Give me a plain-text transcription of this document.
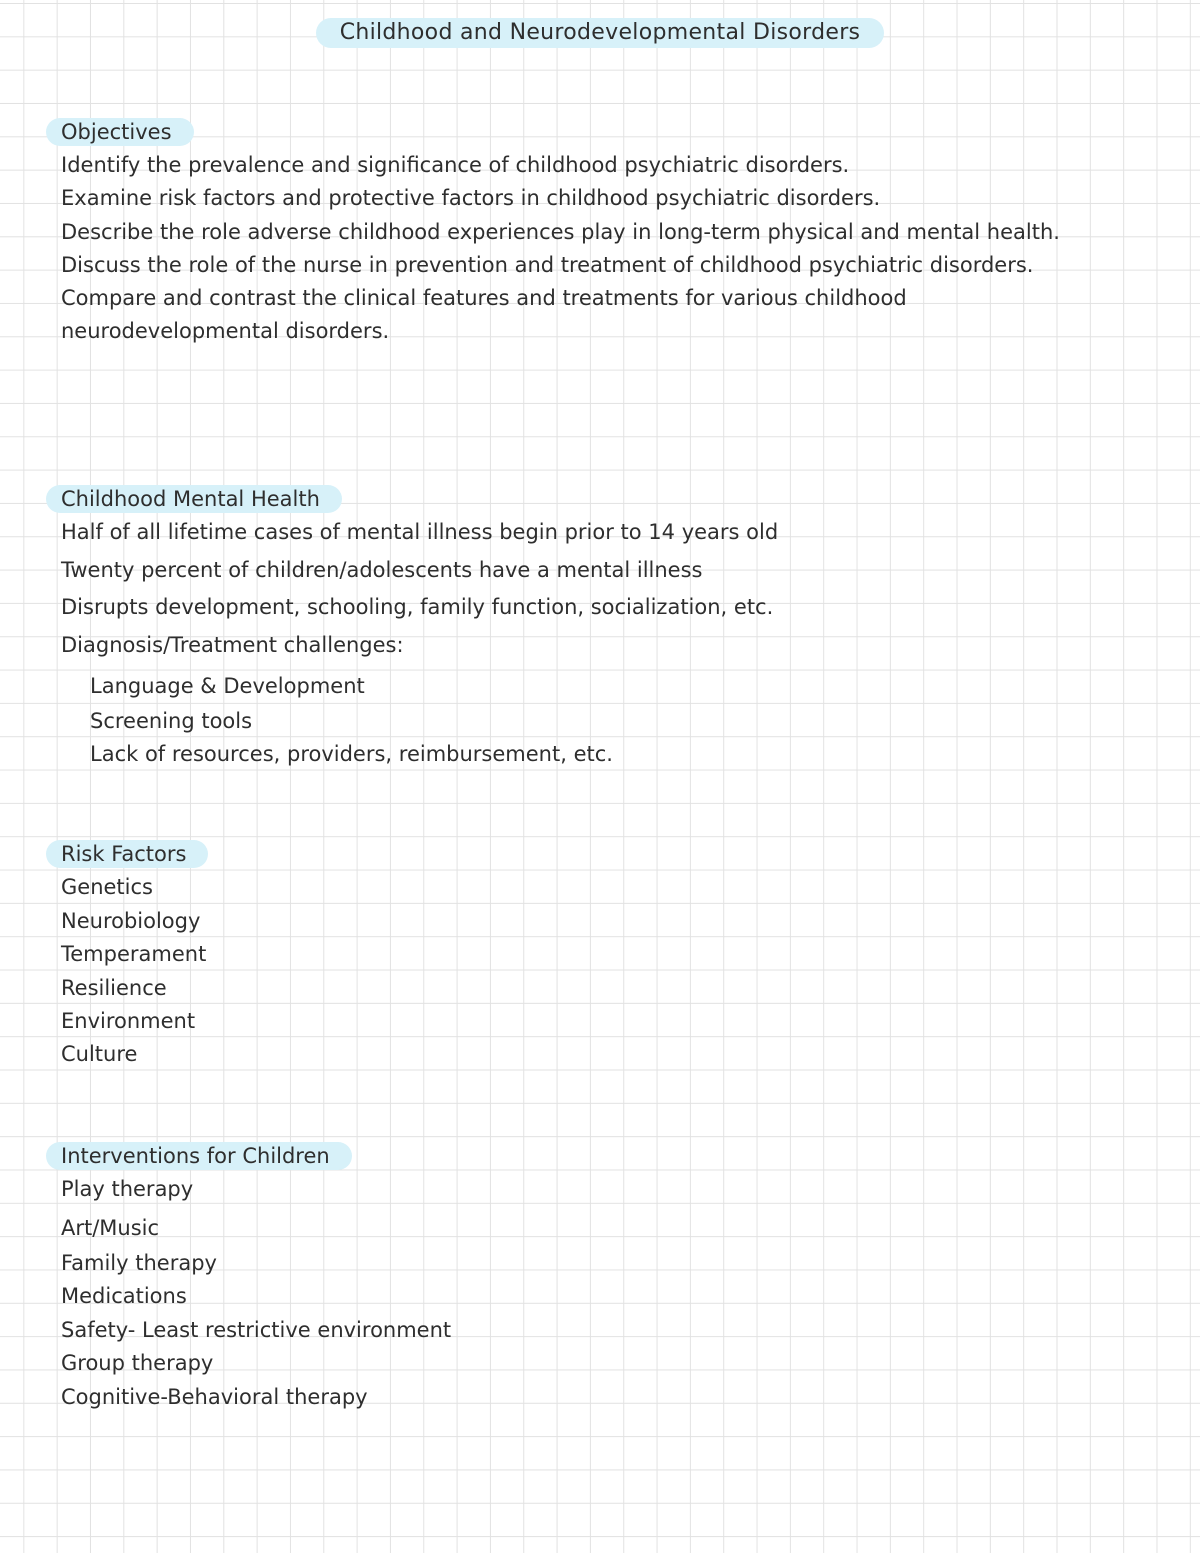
Childhood and Neurodevelopmental Disorders
Objectives
Identify the prevalence and significance of childhood psychiatric disorders.
Examine risk factors and protective factors in childhood psychiatric disorders.
Describe the role adverse childhood experiences play in long-term physical and mental health.
Discuss the role of the nurse in prevention and treatment of childhood psychiatric disorders.
Compare and contrast the clinical features and treatments for various childhood neurodevelopmental disorders.
Childhood Mental Health
Half of all lifetime cases of mental illness begin prior to 14 years old
Twenty percent of children/adolescents have a mental illness
Disrupts development, schooling, family function, socialization, etc.
Diagnosis/Treatment challenges:
Language & Development
Screening tools
Lack of resources, providers, reimbursement, etc.
Risk Factors
Genetics
Neurobiology
Temperament
Resilience
Environment
Culture
Interventions for Children
Play therapy
Art/Music
Family therapy
Medications
Safety- Least restrictive environment
Group therapy
Cognitive-Behavioral therapy
